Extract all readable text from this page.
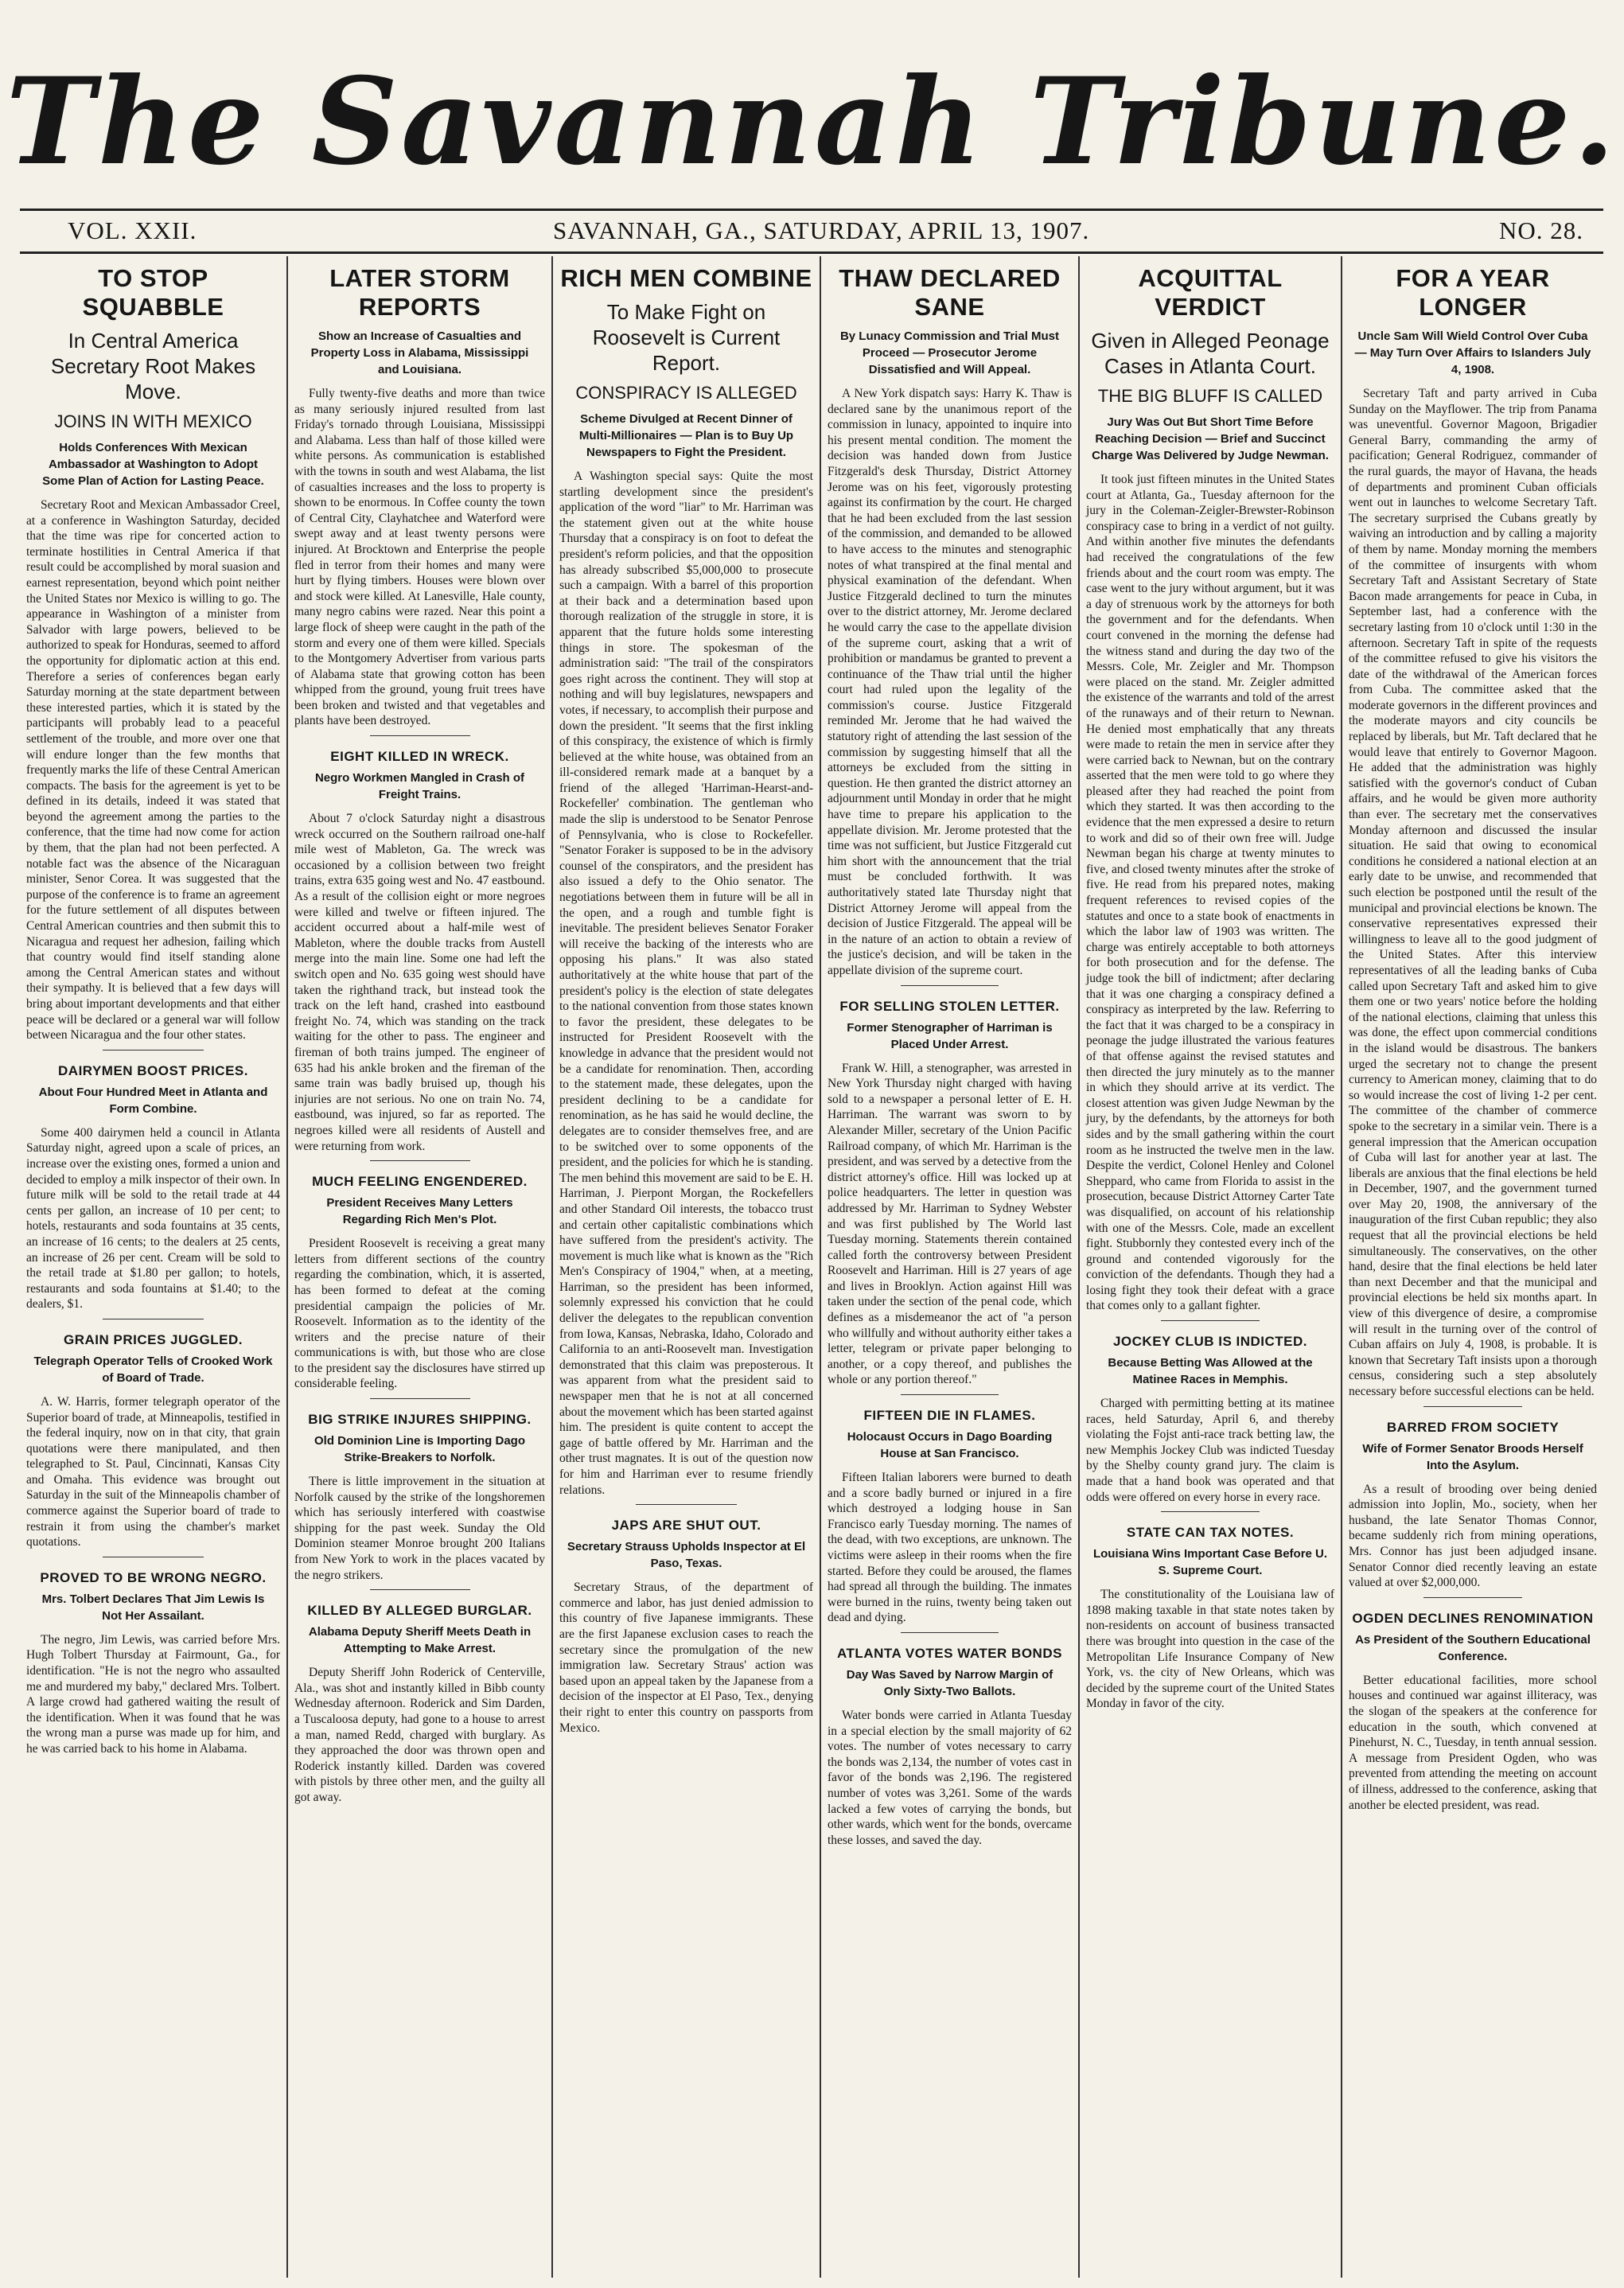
The Savannah Tribune.
VOL. XXII.	SAVANNAH, GA., SATURDAY, APRIL 13, 1907.	NO. 28.
TO STOP SQUABBLE
In Central America Secretary Root Makes Move.
JOINS IN WITH MEXICO
Holds Conferences With Mexican Ambassador at Washington to Adopt Some Plan of Action for Lasting Peace.

Secretary Root and Mexican Ambassador Creel, at a conference in Washington Saturday, decided that the time was ripe for concerted action to terminate hostilities in Central America if that result could be accomplished by moral suasion and earnest representation, beyond which point neither the United States nor Mexico is willing to go. The appearance in Washington of a minister from Salvador with large powers, believed to be authorized to speak for Honduras, seemed to afford the opportunity for diplomatic action at this end. Therefore a series of conferences began early Saturday morning at the state department between these interested parties, which it is stated by the participants will probably lead to a peaceful settlement of the trouble, and more over one that will endure longer than the few months that frequently marks the life of these Central American compacts. The basis for the agreement is yet to be defined in its details, indeed it was stated that beyond the agreement among the parties to the conference, that the time had now come for action by them, that the plan had not been perfected. A notable fact was the absence of the Nicaraguan minister, Senor Corea. It was suggested that the purpose of the conference is to frame an agreement for the future settlement of all disputes between Central American countries and then submit this to Nicaragua and request her adhesion, failing which that country would find itself standing alone among the Central American states and without their sympathy. It is believed that a few days will bring about important developments and that either peace will be declared or a general war will follow between Nicaragua and the four other states.

DAIRYMEN BOOST PRICES.
About Four Hundred Meet in Atlanta and Form Combine.

Some 400 dairymen held a council in Atlanta Saturday night, agreed upon a scale of prices, an increase over the existing ones, formed a union and decided to employ a milk inspector of their own. In future milk will be sold to the retail trade at 44 cents per gallon, an increase of 10 per cent; to hotels, restaurants and soda fountains at 35 cents, an increase of 16 cents; to the dealers at 25 cents, an increase of 26 per cent. Cream will be sold to the retail trade at $1.80 per gallon; to hotels, restaurants and soda fountains at $1.40; to the dealers, $1.

GRAIN PRICES JUGGLED.
Telegraph Operator Tells of Crooked Work of Board of Trade.

A. W. Harris, former telegraph operator of the Superior board of trade, at Minneapolis, testified in the federal inquiry, now on in that city, that grain quotations were there manipulated, and then telegraphed to St. Paul, Cincinnati, Kansas City and Omaha. This evidence was brought out Saturday in the suit of the Minneapolis chamber of commerce against the Superior board of trade to restrain it from using the chamber's market quotations.

PROVED TO BE WRONG NEGRO.
Mrs. Tolbert Declares That Jim Lewis Is Not Her Assailant.

The negro, Jim Lewis, was carried before Mrs. Hugh Tolbert Thursday at Fairmount, Ga., for identification. "He is not the negro who assaulted me and murdered my baby," declared Mrs. Tolbert. A large crowd had gathered waiting the result of the identification. When it was found that he was the wrong man a purse was made up for him, and he was carried back to his home in Alabama.

LATER STORM REPORTS
Show an Increase of Casualties and Property Loss in Alabama, Mississippi and Louisiana.

Fully twenty-five deaths and more than twice as many seriously injured resulted from last Friday's tornado through Louisiana, Mississippi and Alabama. Less than half of those killed were white persons. As communication is established with the towns in south and west Alabama, the list of casualties increases and the loss to property is shown to be enormous. In Coffee county the town of Central City, Clayhatchee and Waterford were swept away and at least twenty persons were injured. At Brocktown and Enterprise the people fled in terror from their homes and many were hurt by flying timbers. Houses were blown over and stock were killed. At Lanesville, Hale county, many negro cabins were razed. Near this point a large flock of sheep were caught in the path of the storm and every one of them were killed. Specials to the Montgomery Advertiser from various parts of Alabama state that growing cotton has been whipped from the ground, young fruit trees have been broken and twisted and that vegetables and plants have been destroyed.

EIGHT KILLED IN WRECK.
Negro Workmen Mangled in Crash of Freight Trains.

About 7 o'clock Saturday night a disastrous wreck occurred on the Southern railroad one-half mile west of Mableton, Ga. The wreck was occasioned by a collision between two freight trains, extra 635 going west and No. 47 eastbound. As a result of the collision eight or more negroes were killed and twelve or fifteen injured. The accident occurred about a half-mile west of Mableton, where the double tracks from Austell merge into the main line. Some one had left the switch open and No. 635 going west should have taken the righthand track, but instead took the track on the left hand, crashed into eastbound freight No. 74, which was standing on the track waiting for the other to pass. The engineer and fireman of both trains jumped. The engineer of 635 had his ankle broken and the fireman of the same train was badly bruised up, though his injuries are not serious. No one on train No. 74, eastbound, was injured, so far as reported. The negroes killed were all residents of Austell and were returning from work.

MUCH FEELING ENGENDERED.
President Receives Many Letters Regarding Rich Men's Plot.

President Roosevelt is receiving a great many letters from different sections of the country regarding the combination, which, it is asserted, has been formed to defeat at the coming presidential campaign the policies of Mr. Roosevelt. Information as to the identity of the writers and the precise nature of their communications is with, but those who are close to the president say the disclosures have stirred up considerable feeling.

BIG STRIKE INJURES SHIPPING.
Old Dominion Line is Importing Dago Strike-Breakers to Norfolk.

There is little improvement in the situation at Norfolk caused by the strike of the longshoremen which has seriously interfered with coastwise shipping for the past week. Sunday the Old Dominion steamer Monroe brought 200 Italians from New York to work in the places vacated by the negro strikers.

KILLED BY ALLEGED BURGLAR.
Alabama Deputy Sheriff Meets Death in Attempting to Make Arrest.

Deputy Sheriff John Roderick of Centerville, Ala., was shot and instantly killed in Bibb county Wednesday afternoon. Roderick and Sim Darden, a Tuscaloosa deputy, had gone to a house to arrest a man, named Redd, charged with burglary. As they approached the door was thrown open and Roderick instantly killed. Darden was covered with pistols by three other men, and the guilty all got away.

RICH MEN COMBINE
To Make Fight on Roosevelt is Current Report.
CONSPIRACY IS ALLEGED
Scheme Divulged at Recent Dinner of Multi-Millionaires — Plan is to Buy Up Newspapers to Fight the President.

A Washington special says: Quite the most startling development since the president's application of the word "liar" to Mr. Harriman was the statement given out at the white house Thursday that a conspiracy is on foot to defeat the president's reform policies, and that the opposition has already subscribed $5,000,000 to prosecute such a campaign. With a barrel of this proportion at their back and a determination based upon thorough realization of the struggle in store, it is apparent that the future holds some interesting things in store. The spokesman of the administration said: "The trail of the conspirators goes right across the continent. They will stop at nothing and will buy legislatures, newspapers and votes, if necessary, to accomplish their purpose and down the president. "It seems that the first inkling of this conspiracy, the existence of which is firmly believed at the white house, was obtained from an ill-considered remark made at a banquet by a friend of the alleged 'Harriman-Hearst-and-Rockefeller' combination. The gentleman who made the slip is understood to be Senator Penrose of Pennsylvania, who is close to Rockefeller. "Senator Foraker is supposed to be in the advisory counsel of the conspirators, and the president has also issued a defy to the Ohio senator. The negotiations between them in future will be all in the open, and a rough and tumble fight is inevitable. The president believes Senator Foraker will receive the backing of the interests who are opposing his plans." It was also stated authoritatively at the white house that part of the president's policy is the election of state delegates to the national convention from those states known to favor the president, these delegates to be instructed for President Roosevelt with the knowledge in advance that the president would not be a candidate for renomination. Then, according to the statement made, these delegates, upon the president declining to be a candidate for renomination, as he has said he would decline, the delegates are to consider themselves free, and are to be switched over to some opponents of the president, and the policies for which he is standing. The men behind this movement are said to be E. H. Harriman, J. Pierpont Morgan, the Rockefellers and other Standard Oil interests, the tobacco trust and certain other capitalistic combinations which have suffered from the president's activity. The movement is much like what is known as the "Rich Men's Conspiracy of 1904," when, at a meeting, Harriman, so the president has been informed, solemnly expressed his conviction that he could deliver the delegates to the republican convention from Iowa, Kansas, Nebraska, Idaho, Colorado and California to an anti-Roosevelt man. Investigation demonstrated that this claim was preposterous. It was apparent from what the president said to newspaper men that he is not at all concerned about the movement which has been started against him. The president is quite content to accept the gage of battle offered by Mr. Harriman and the other trust magnates. It is out of the question now for him and Harriman ever to resume friendly relations.

JAPS ARE SHUT OUT.
Secretary Strauss Upholds Inspector at El Paso, Texas.

Secretary Straus, of the department of commerce and labor, has just denied admission to this country of five Japanese immigrants. These are the first Japanese exclusion cases to reach the secretary since the promulgation of the new immigration law. Secretary Straus' action was based upon an appeal taken by the Japanese from a decision of the inspector at El Paso, Tex., denying their right to enter this country on passports from Mexico.

THAW DECLARED SANE
By Lunacy Commission and Trial Must Proceed — Prosecutor Jerome Dissatisfied and Will Appeal.

A New York dispatch says: Harry K. Thaw is declared sane by the unanimous report of the commission in lunacy, appointed to inquire into his present mental condition. The moment the decision was handed down from Justice Fitzgerald's desk Thursday, District Attorney Jerome was on his feet, vigorously protesting against its confirmation by the court. He charged that he had been excluded from the last session of the commission, and demanded to be allowed to have access to the minutes and stenographic notes of what transpired at the final mental and physical examination of the defendant. When Justice Fitzgerald declined to turn the minutes over to the district attorney, Mr. Jerome declared he would carry the case to the appellate division of the supreme court, asking that a writ of prohibition or mandamus be granted to prevent a continuance of the Thaw trial until the higher court had ruled upon the legality of the commission's course. Justice Fitzgerald reminded Mr. Jerome that he had waived the statutory right of attending the last session of the commission by suggesting himself that all the attorneys be excluded from the sitting in question. He then granted the district attorney an adjournment until Monday in order that he might have time to prepare his application to the appellate division. Mr. Jerome protested that the time was not sufficient, but Justice Fitzgerald cut him short with the announcement that the trial must be concluded forthwith. It was authoritatively stated late Thursday night that District Attorney Jerome will appeal from the decision of Justice Fitzgerald. The appeal will be in the nature of an action to obtain a review of the justice's decision, and will be taken in the appellate division of the supreme court.

FOR SELLING STOLEN LETTER.
Former Stenographer of Harriman is Placed Under Arrest.

Frank W. Hill, a stenographer, was arrested in New York Thursday night charged with having sold to a newspaper a personal letter of E. H. Harriman. The warrant was sworn to by Alexander Miller, secretary of the Union Pacific Railroad company, of which Mr. Harriman is the president, and was served by a detective from the district attorney's office. Hill was locked up at police headquarters. The letter in question was addressed by Mr. Harriman to Sydney Webster and was first published by The World last Tuesday morning. Statements therein contained called forth the controversy between President Roosevelt and Harriman. Hill is 27 years of age and lives in Brooklyn. Action against Hill was taken under the section of the penal code, which defines as a misdemeanor the act of "a person who willfully and without authority either takes a letter, telegram or private paper belonging to another, or a copy thereof, and publishes the whole or any portion thereof."

FIFTEEN DIE IN FLAMES.
Holocaust Occurs in Dago Boarding House at San Francisco.

Fifteen Italian laborers were burned to death and a score badly burned or injured in a fire which destroyed a lodging house in San Francisco early Tuesday morning. The names of the dead, with two exceptions, are unknown. The victims were asleep in their rooms when the fire started. Before they could be aroused, the flames had spread all through the building. The inmates were burned in the ruins, twenty being taken out dead and dying.

ATLANTA VOTES WATER BONDS
Day Was Saved by Narrow Margin of Only Sixty-Two Ballots.

Water bonds were carried in Atlanta Tuesday in a special election by the small majority of 62 votes. The number of votes necessary to carry the bonds was 2,134, the number of votes cast in favor of the bonds was 2,196. The registered number of votes was 3,261. Some of the wards lacked a few votes of carrying the bonds, but other wards, which went for the bonds, overcame these losses, and saved the day.

ACQUITTAL VERDICT
Given in Alleged Peonage Cases in Atlanta Court.
THE BIG BLUFF IS CALLED
Jury Was Out But Short Time Before Reaching Decision — Brief and Succinct Charge Was Delivered by Judge Newman.

It took just fifteen minutes in the United States court at Atlanta, Ga., Tuesday afternoon for the jury in the Coleman-Zeigler-Brewster-Robinson conspiracy case to bring in a verdict of not guilty. And within another five minutes the defendants had received the congratulations of the few friends about and the court room was empty. The case went to the jury without argument, but it was a day of strenuous work by the attorneys for both the government and for the defendants. When court convened in the morning the defense had the witness stand and during the day two of the Messrs. Cole, Mr. Zeigler and Mr. Thompson were placed on the stand. Mr. Zeigler admitted the existence of the warrants and told of the arrest of the runaways and of their return to Newnan. He denied most emphatically that any threats were made to retain the men in service after they were carried back to Newnan, but on the contrary asserted that the men were told to go where they pleased after they had reached the point from which they started. It was then according to the evidence that the men expressed a desire to return to work and did so of their own free will. Judge Newman began his charge at twenty minutes to five, and closed twenty minutes after the stroke of five. He read from his prepared notes, making frequent references to revised copies of the statutes and once to a state book of enactments in which the labor law of 1903 was written. The charge was entirely acceptable to both attorneys for both prosecution and for the defense. The judge took the bill of indictment; after declaring that it was one charging a conspiracy defined a conspiracy as interpreted by the law. Referring to the fact that it was charged to be a conspiracy in peonage the judge illustrated the various features of that offense against the revised statutes and then directed the jury minutely as to the manner in which they should arrive at its verdict. The closest attention was given Judge Newman by the jury, by the defendants, by the attorneys for both sides and by the small gathering within the court room as he instructed the twelve men in the law. Despite the verdict, Colonel Henley and Colonel Sheppard, who came from Florida to assist in the prosecution, because District Attorney Carter Tate was disqualified, on account of his relationship with one of the Messrs. Cole, made an excellent fight. Stubbornly they contested every inch of the ground and contended vigorously for the conviction of the defendants. Though they had a losing fight they took their defeat with a grace that comes only to a gallant fighter.

JOCKEY CLUB IS INDICTED.
Because Betting Was Allowed at the Matinee Races in Memphis.

Charged with permitting betting at its matinee races, held Saturday, April 6, and thereby violating the Fojst anti-race track betting law, the new Memphis Jockey Club was indicted Tuesday by the Shelby county grand jury. The claim is made that a hand book was operated and that odds were offered on every horse in every race.

STATE CAN TAX NOTES.
Louisiana Wins Important Case Before U. S. Supreme Court.

The constitutionality of the Louisiana law of 1898 making taxable in that state notes taken by non-residents on account of business transacted there was brought into question in the case of the Metropolitan Life Insurance Company of New York, vs. the city of New Orleans, which was decided by the supreme court of the United States Monday in favor of the city.

FOR A YEAR LONGER
Uncle Sam Will Wield Control Over Cuba — May Turn Over Affairs to Islanders July 4, 1908.

Secretary Taft and party arrived in Cuba Sunday on the Mayflower. The trip from Panama was uneventful. Governor Magoon, Brigadier General Barry, commanding the army of pacification; General Rodriguez, commander of the rural guards, the mayor of Havana, the heads of departments and prominent Cuban officials went out in launches to welcome Secretary Taft. The secretary surprised the Cubans greatly by waiving an introduction and by calling a majority of them by name. Monday morning the members of the committee of insurgents with whom Secretary Taft and Assistant Secretary of State Bacon made arrangements for peace in Cuba, in September last, had a conference with the secretary lasting from 10 o'clock until 1:30 in the afternoon. Secretary Taft in spite of the requests of the committee refused to give his visitors the date of the withdrawal of the American forces from Cuba. The committee asked that the moderate governors in the different provinces and the moderate mayors and city councils be replaced by liberals, but Mr. Taft declared that he would leave that entirely to Governor Magoon. He added that the administration was highly satisfied with the governor's conduct of Cuban affairs, and he would be given more authority than ever. The secretary met the conservatives Monday afternoon and discussed the insular situation. He said that owing to economical conditions he considered a national election at an early date to be unwise, and recommended that such election be postponed until the result of the municipal and provincial elections be known. The conservative representatives expressed their willingness to leave all to the good judgment of the United States. After this interview representatives of all the leading banks of Cuba called upon Secretary Taft and asked him to give them one or two years' notice before the holding of the national elections, claiming that unless this was done, the effect upon commercial conditions in the island would be disastrous. The bankers urged the secretary not to change the present currency to American money, claiming that to do so would increase the cost of living 1-2 per cent. The committee of the chamber of commerce spoke to the secretary in a similar vein. There is a general impression that the American occupation of Cuba will last for another year at last. The liberals are anxious that the final elections be held in December, 1907, and the government turned over May 20, 1908, the anniversary of the inauguration of the first Cuban republic; they also request that all the provincial elections be held simultaneously. The conservatives, on the other hand, desire that the final elections be held later than next December and that the municipal and provincial elections be held six months apart. In view of this divergence of desire, a compromise will result in the turning over of the control of Cuban affairs on July 4, 1908, is probable. It is known that Secretary Taft insists upon a thorough census, considering such a step absolutely necessary before successful elections can be held.

BARRED FROM SOCIETY
Wife of Former Senator Broods Herself Into the Asylum.

As a result of brooding over being denied admission into Joplin, Mo., society, when her husband, the late Senator Thomas Connor, became suddenly rich from mining operations, Mrs. Connor has just been adjudged insane. Senator Connor died recently leaving an estate valued at over $2,000,000.

OGDEN DECLINES RENOMINATION
As President of the Southern Educational Conference.

Better educational facilities, more school houses and continued war against illiteracy, was the slogan of the speakers at the conference for education in the south, which convened at Pinehurst, N. C., Tuesday, in tenth annual session. A message from President Ogden, who was prevented from attending the meeting on account of illness, addressed to the conference, asking that another be elected president, was read.
